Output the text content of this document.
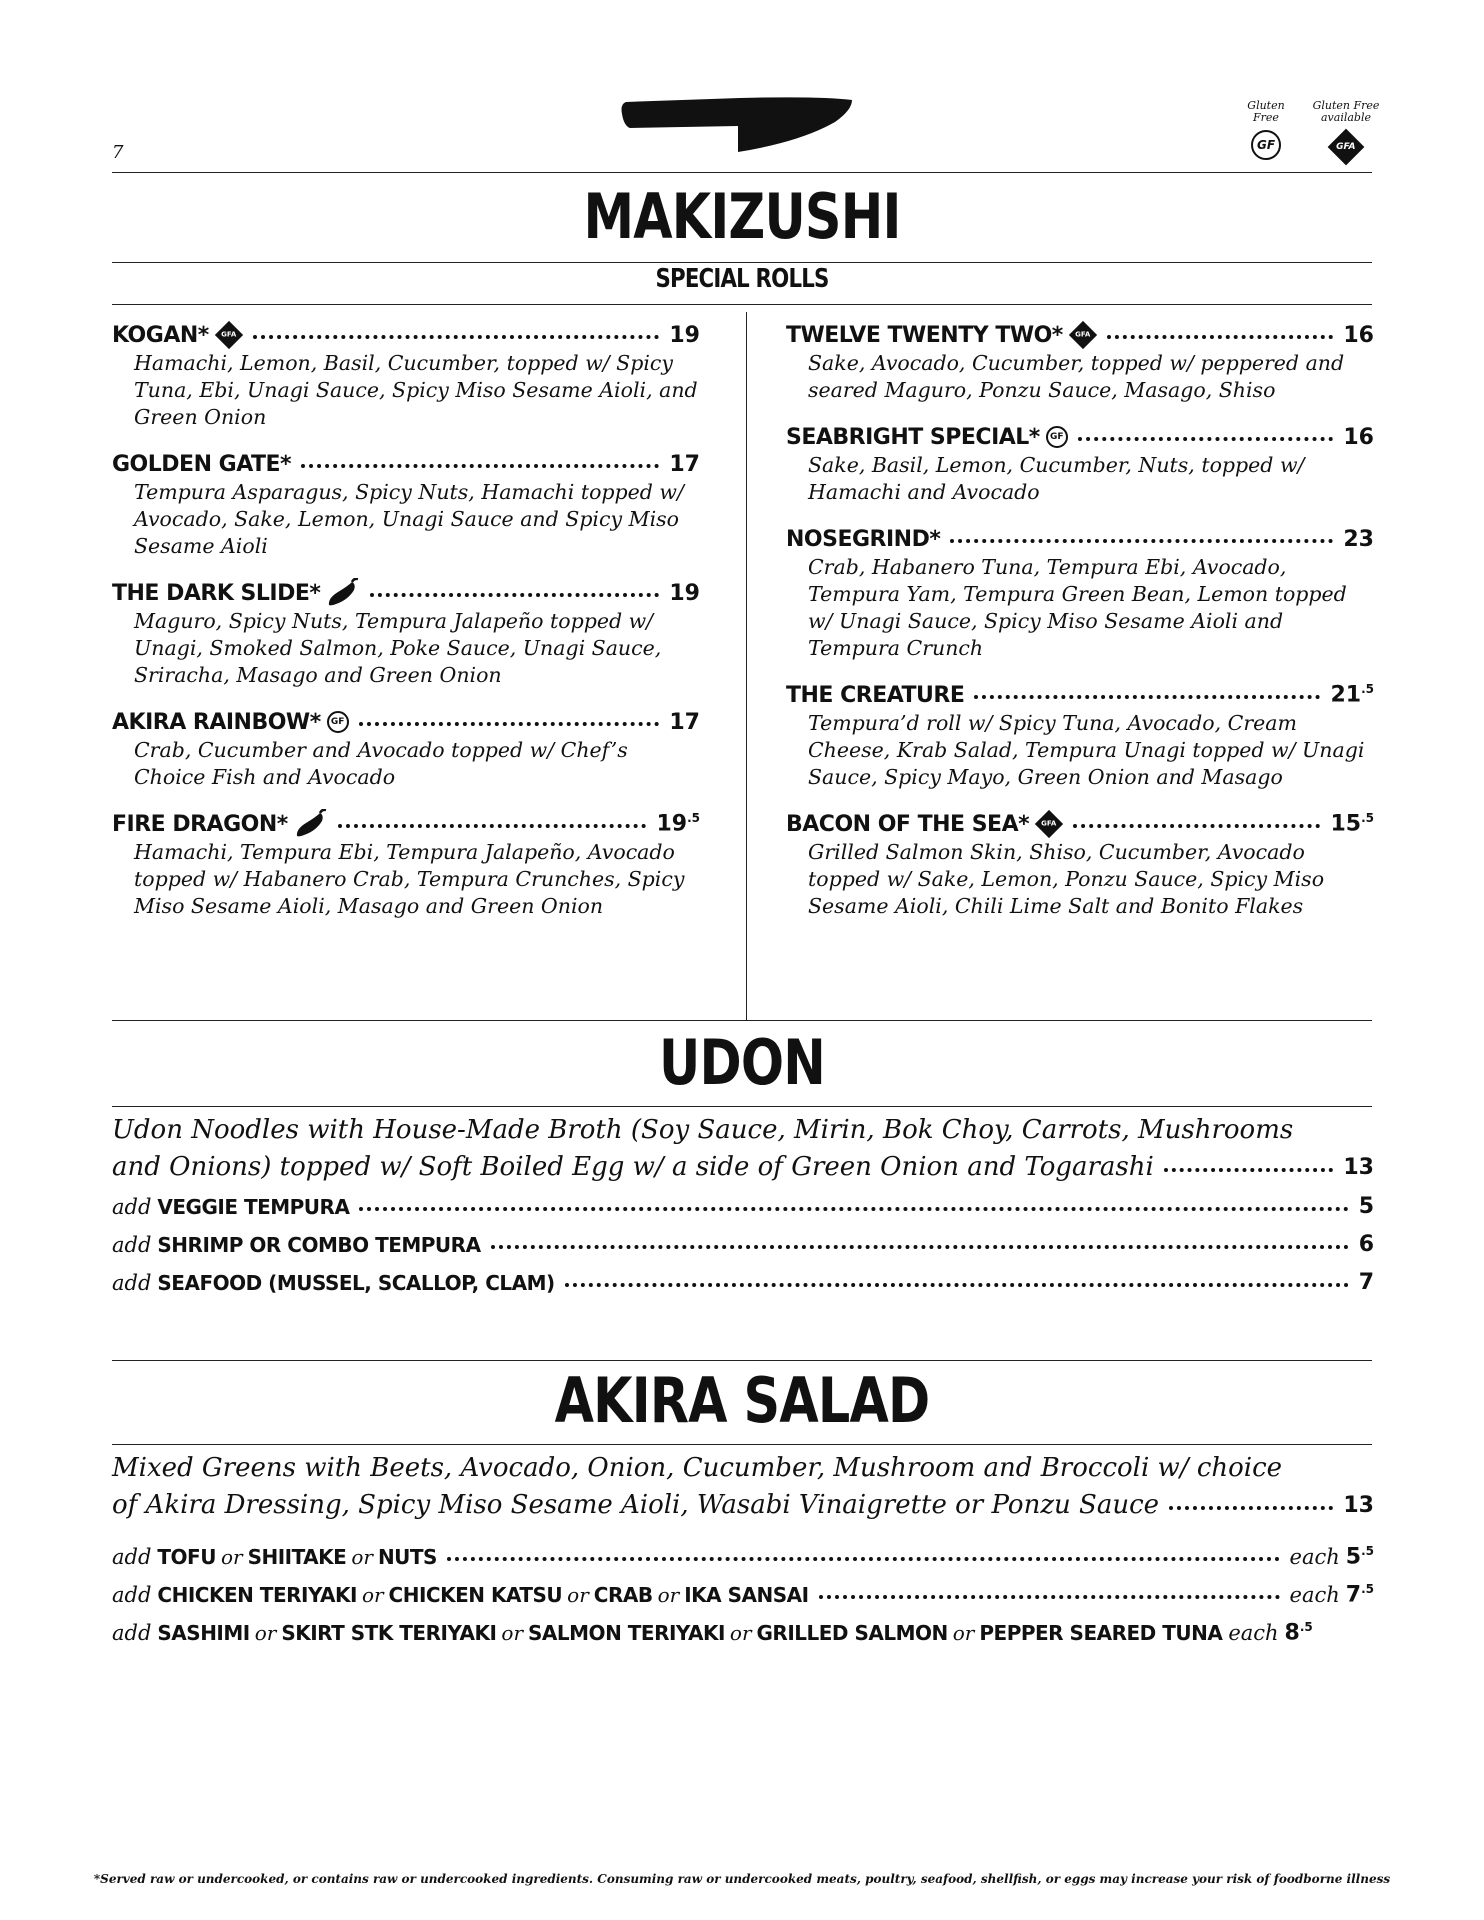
Gluten Free
GF
Gluten Free available
GFA
7
MAKIZUSHI
SPECIAL ROLLS
KOGAN* GFA	19
Hamachi, Lemon, Basil, Cucumber, topped w/ Spicy Tuna, Ebi, Unagi Sauce, Spicy Miso Sesame Aioli, and Green Onion
GOLDEN GATE*	17
Tempura Asparagus, Spicy Nuts, Hamachi topped w/ Avocado, Sake, Lemon, Unagi Sauce and Spicy Miso Sesame Aioli
THE DARK SLIDE*	19
Maguro, Spicy Nuts, Tempura Jalapeño topped w/ Unagi, Smoked Salmon, Poke Sauce, Unagi Sauce, Sriracha, Masago and Green Onion
AKIRA RAINBOW* GF	17
Crab, Cucumber and Avocado topped w/ Chef’s Choice Fish and Avocado
FIRE DRAGON*	$19^{.5}$
Hamachi, Tempura Ebi, Tempura Jalapeño, Avocado topped w/ Habanero Crab, Tempura Crunches, Spicy Miso Sesame Aioli, Masago and Green Onion
TWELVE TWENTY TWO* GFA	16
Sake, Avocado, Cucumber, topped w/ peppered and seared Maguro, Ponzu Sauce, Masago, Shiso
SEABRIGHT SPECIAL* GF	16
Sake, Basil, Lemon, Cucumber, Nuts, topped w/ Hamachi and Avocado
NOSEGRIND*	23
Crab, Habanero Tuna, Tempura Ebi, Avocado, Tempura Yam, Tempura Green Bean, Lemon topped w/ Unagi Sauce, Spicy Miso Sesame Aioli and Tempura Crunch
THE CREATURE	$21^{.5}$
Tempura’d roll w/ Spicy Tuna, Avocado, Cream Cheese, Krab Salad, Tempura Unagi topped w/ Unagi Sauce, Spicy Mayo, Green Onion and Masago
BACON OF THE SEA* GFA	$15^{.5}$
Grilled Salmon Skin, Shiso, Cucumber, Avocado topped w/ Sake, Lemon, Ponzu Sauce, Spicy Miso Sesame Aioli, Chili Lime Salt and Bonito Flakes
UDON
Udon Noodles with House-Made Broth (Soy Sauce, Mirin, Bok Choy, Carrots, Mushrooms
and Onions) topped w/ Soft Boiled Egg w/ a side of Green Onion and Togarashi	13
add VEGGIE TEMPURA	5
add SHRIMP OR COMBO TEMPURA	6
add SEAFOOD (MUSSEL, SCALLOP, CLAM)	7
AKIRA SALAD
Mixed Greens with Beets, Avocado, Onion, Cucumber, Mushroom and Broccoli w/ choice
of Akira Dressing, Spicy Miso Sesame Aioli, Wasabi Vinaigrette or Ponzu Sauce	13
add TOFU or SHIITAKE or NUTS	each $5^{.5}$
add CHICKEN TERIYAKI or CHICKEN KATSU or CRAB or IKA SANSAI	each $7^{.5}$
add SASHIMI or SKIRT STK TERIYAKI or SALMON TERIYAKI or GRILLED SALMON or PEPPER SEARED TUNA each $8^{.5}$
*Served raw or undercooked, or contains raw or undercooked ingredients. Consuming raw or undercooked meats, poultry, seafood, shellfish, or eggs may increase your risk of foodborne illness
